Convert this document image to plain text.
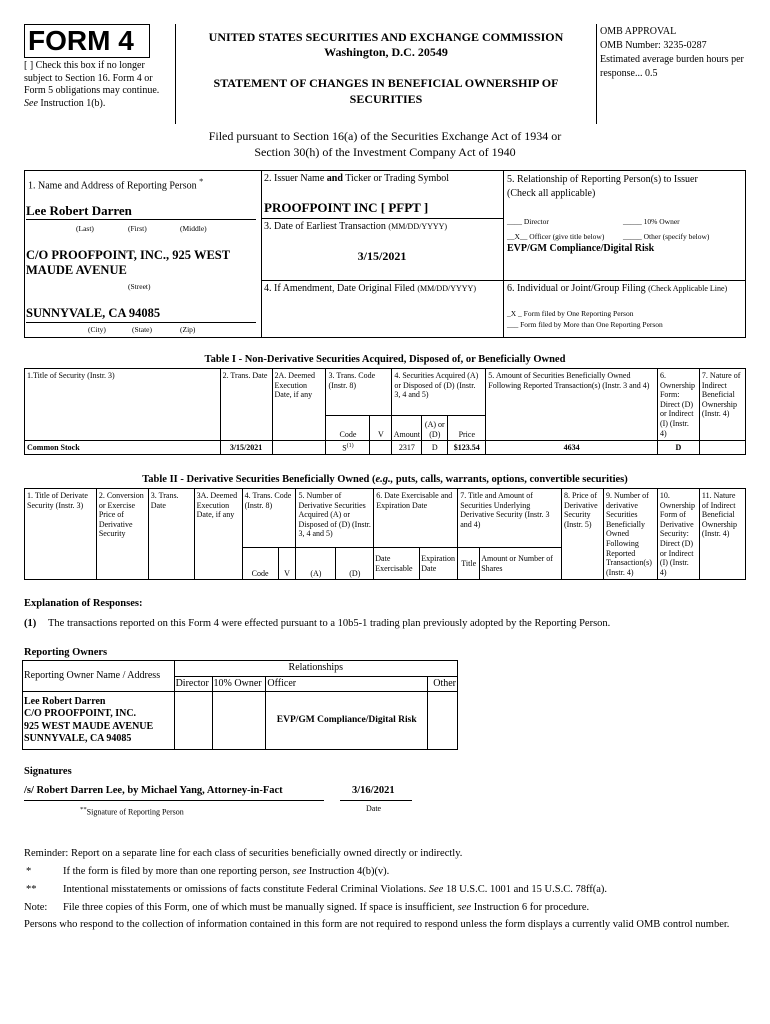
FORM 4
[ ] Check this box if no longer subject to Section 16. Form 4 or Form 5 obligations may continue. See Instruction 1(b).
UNITED STATES SECURITIES AND EXCHANGE COMMISSION
Washington, D.C. 20549
STATEMENT OF CHANGES IN BENEFICIAL OWNERSHIP OF SECURITIES
OMB APPROVAL
OMB Number: 3235-0287
Estimated average burden hours per response... 0.5
Filed pursuant to Section 16(a) of the Securities Exchange Act of 1934 or
Section 30(h) of the Investment Company Act of 1940
1. Name and Address of Reporting Person *
Lee Robert Darren
(Last)	(First)	(Middle)
C/O PROOFPOINT, INC., 925 WEST MAUDE AVENUE
(Street)
SUNNYVALE, CA 94085
(City)	(State)	(Zip)
2. Issuer Name and Ticker or Trading Symbol
PROOFPOINT INC [ PFPT ]
3. Date of Earliest Transaction (MM/DD/YYYY)
3/15/2021
4. If Amendment, Date Original Filed (MM/DD/YYYY)
5. Relationship of Reporting Person(s) to Issuer
(Check all applicable)
____ Director	_____ 10% Owner
__X__ Officer (give title below) _____ Other (specify below)
EVP/GM Compliance/Digital Risk
6. Individual or Joint/Group Filing (Check Applicable Line)
_X _ Form filed by One Reporting Person
___ Form filed by More than One Reporting Person
Table I - Non-Derivative Securities Acquired, Disposed of, or Beneficially Owned
1.Title of Security (Instr. 3)	2. Trans. Date	2A. Deemed Execution Date, if any	3. Trans. Code (Instr. 8)		4. Securities Acquired (A) or Disposed of (D) (Instr. 3, 4 and 5)			5. Amount of Securities Beneficially Owned Following Reported Transaction(s) (Instr. 3 and 4)	6. Ownership Form: Direct (D) or Indirect (I) (Instr. 4)	7. Nature of Indirect Beneficial Ownership (Instr. 4)
			Code	V	Amount	(A) or (D)	Price			
Common Stock	3/15/2021		$S^{(1)}$		2317	D	$123.54	4634	D	
Table II - Derivative Securities Beneficially Owned (e.g., puts, calls, warrants, options, convertible securities)
1. Title of Derivate Security (Instr. 3)	2. Conversion or Exercise Price of Derivative Security	3. Trans. Date	3A. Deemed Execution Date, if any	4. Trans. Code (Instr. 8)		5. Number of Derivative Securities Acquired (A) or Disposed of (D) (Instr. 3, 4 and 5)		6. Date Exercisable and Expiration Date		7. Title and Amount of Securities Underlying Derivative Security (Instr. 3 and 4)		8. Price of Derivative Security (Instr. 5)	9. Number of derivative Securities Beneficially Owned Following Reported Transaction(s) (Instr. 4)	10. Ownership Form of Derivative Security: Direct (D) or Indirect (I) (Instr. 4)	11. Nature of Indirect Beneficial Ownership (Instr. 4)
				Code	V	(A)	(D)	Date Exercisable	Expiration Date	Title	Amount or Number of Shares				
Explanation of Responses:
(1) The transactions reported on this Form 4 were effected pursuant to a 10b5-1 trading plan previously adopted by the Reporting Person.
Reporting Owners
Reporting Owner Name / Address	Relationships			
	Director	10% Owner	Officer	Other

Lee Robert Darren
C/O PROOFPOINT, INC.
925 WEST MAUDE AVENUE
SUNNYVALE, CA 94085			EVP/GM Compliance/Digital Risk	
Signatures
/s/ Robert Darren Lee, by Michael Yang, Attorney-in-Fact	3/16/2021
**Signature of Reporting Person	Date
Reminder: Report on a separate line for each class of securities beneficially owned directly or indirectly.
*	If the form is filed by more than one reporting person, see Instruction 4(b)(v).
**	Intentional misstatements or omissions of facts constitute Federal Criminal Violations. See 18 U.S.C. 1001 and 15 U.S.C. 78ff(a).
Note: File three copies of this Form, one of which must be manually signed. If space is insufficient, see Instruction 6 for procedure.
Persons who respond to the collection of information contained in this form are not required to respond unless the form displays a currently valid OMB control number.
